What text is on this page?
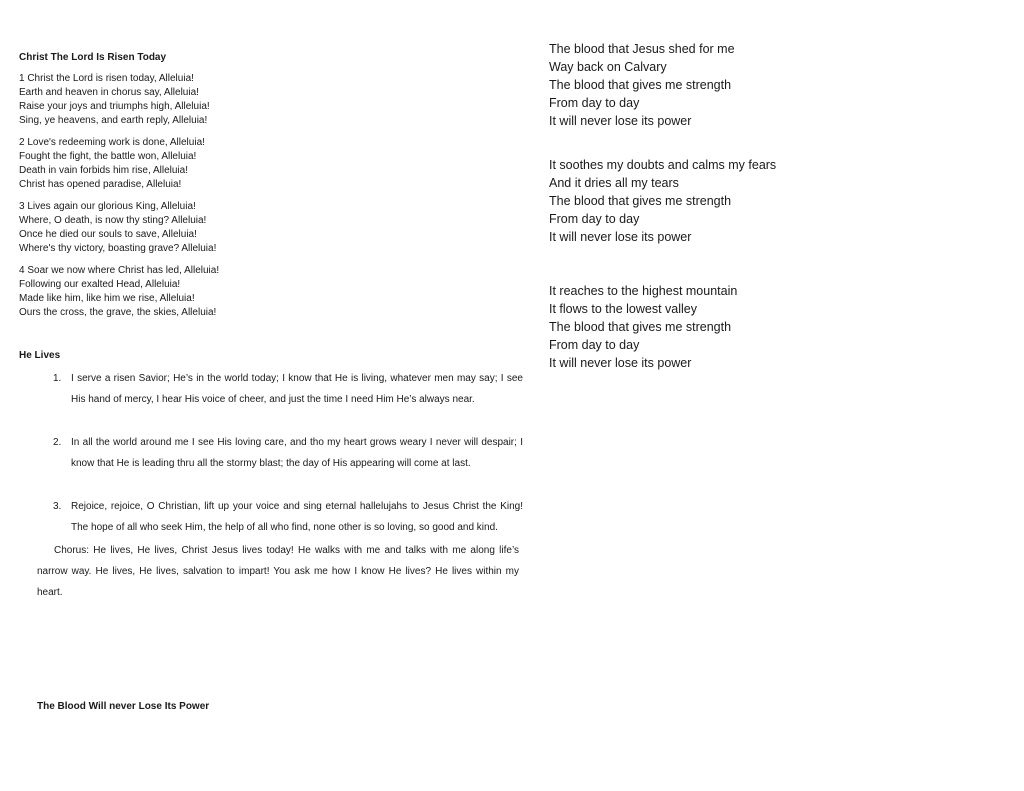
Christ The Lord Is Risen Today
1 Christ the Lord is risen today, Alleluia!
Earth and heaven in chorus say, Alleluia!
Raise your joys and triumphs high, Alleluia!
Sing, ye heavens, and earth reply, Alleluia!
2 Love's redeeming work is done, Alleluia!
Fought the fight, the battle won, Alleluia!
Death in vain forbids him rise, Alleluia!
Christ has opened paradise, Alleluia!
3 Lives again our glorious King, Alleluia!
Where, O death, is now thy sting? Alleluia!
Once he died our souls to save, Alleluia!
Where's thy victory, boasting grave? Alleluia!
4 Soar we now where Christ has led, Alleluia!
Following our exalted Head, Alleluia!
Made like him, like him we rise, Alleluia!
Ours the cross, the grave, the skies, Alleluia!
He Lives
1. I serve a risen Savior; He’s in the world today; I know that He is living, whatever men may say; I see His hand of mercy, I hear His voice of cheer, and just the time I need Him He’s always near.
2. In all the world around me I see His loving care, and tho my heart grows weary I never will despair; I know that He is leading thru all the stormy blast; the day of His appearing will come at last.
3. Rejoice, rejoice, O Christian, lift up your voice and sing eternal hallelujahs to Jesus Christ the King! The hope of all who seek Him, the help of all who find, none other is so loving, so good and kind.
Chorus: He lives, He lives, Christ Jesus lives today! He walks with me and talks with me along life’s narrow way. He lives, He lives, salvation to impart! You ask me how I know He lives? He lives within my heart.
The Blood Will never Lose Its Power
The blood that Jesus shed for me
Way back on Calvary
The blood that gives me strength
From day to day
It will never lose its power
It soothes my doubts and calms my fears
And it dries all my tears
The blood that gives me strength
From day to day
It will never lose its power
It reaches to the highest mountain
It flows to the lowest valley
The blood that gives me strength
From day to day
It will never lose its power
